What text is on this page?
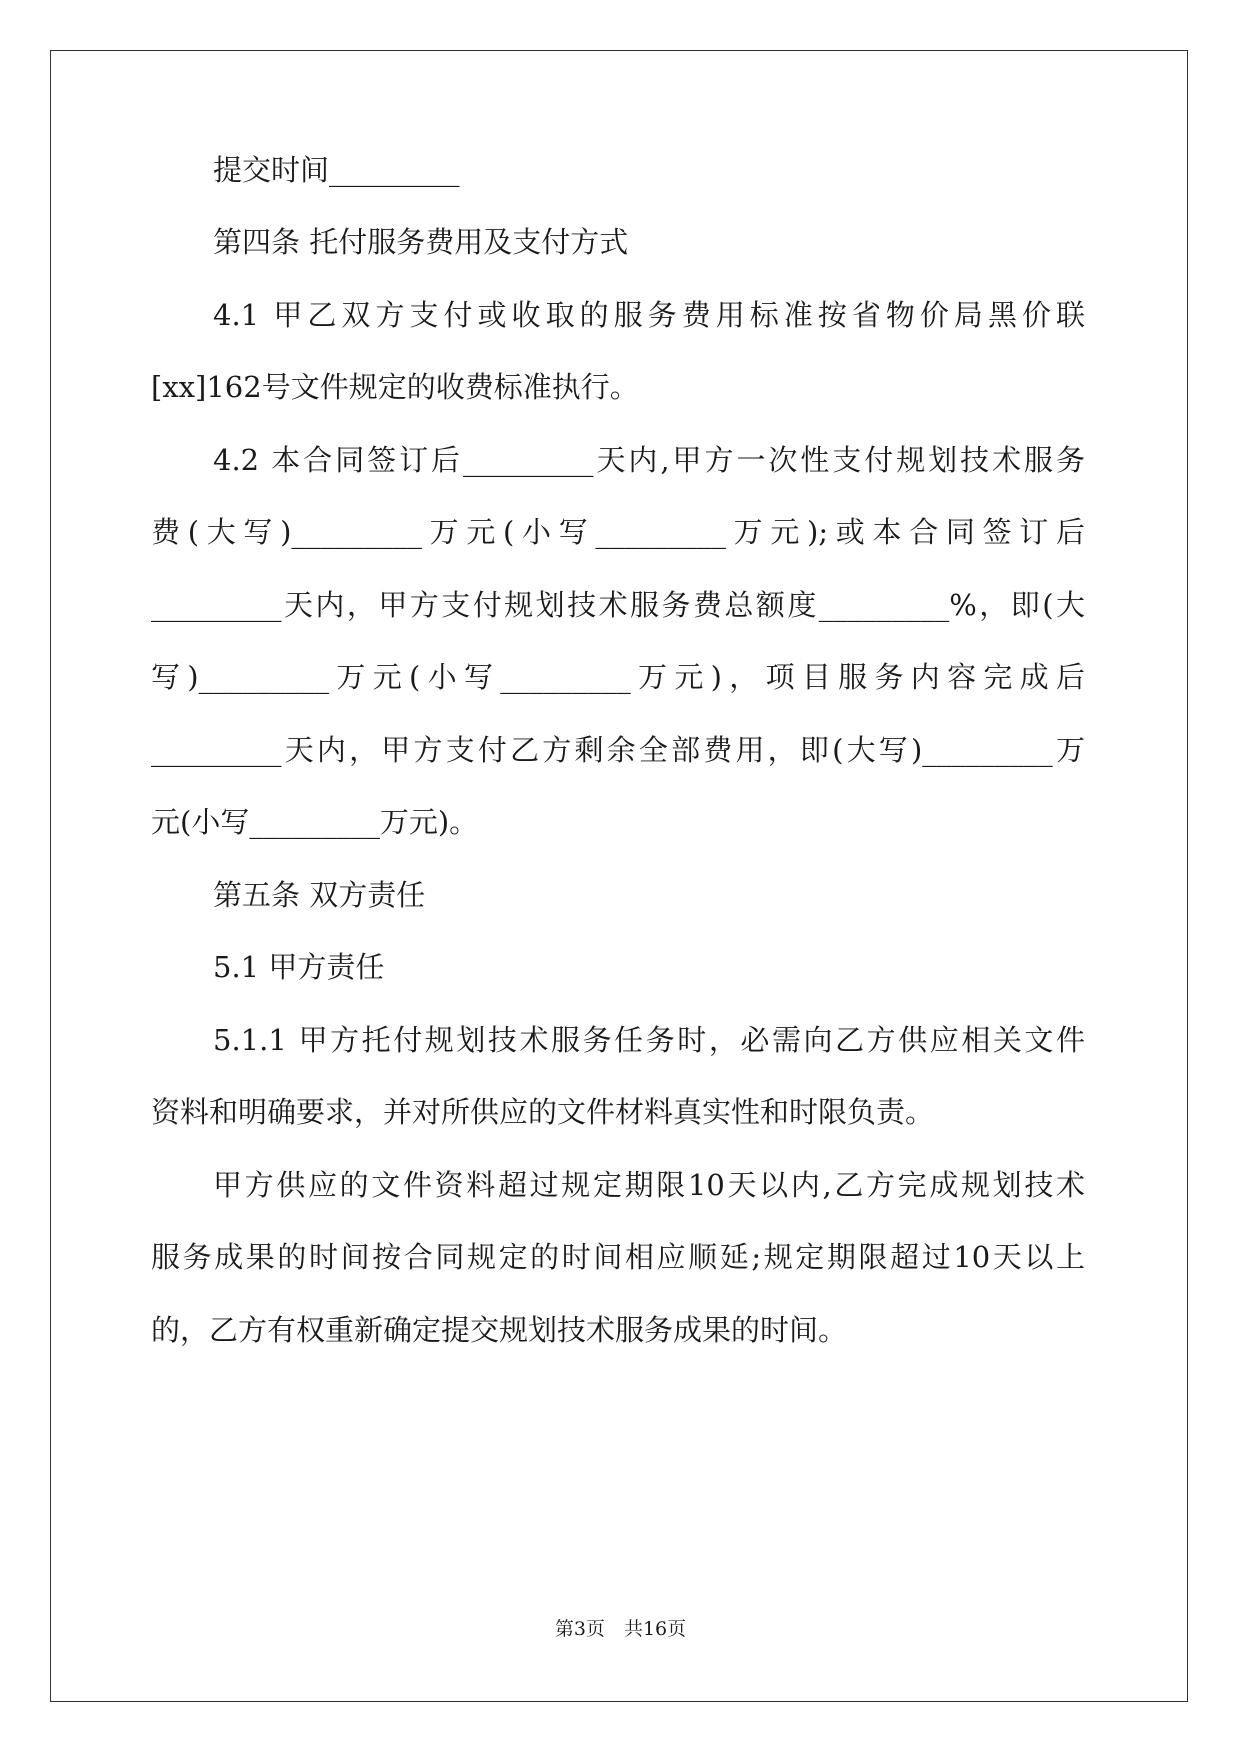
提交时间_________
第四条 托付服务费用及支付方式
4.1 甲乙双方支付或收取的服务费用标准按省物价局黑价联
[xx]162号文件规定的收费标准执行。
4.2 本合同签订后_________天内,甲方一次性支付规划技术服务
费(大写)_________万元(小写_________万元);或本合同签订后
_________天内，甲方支付规划技术服务费总额度_________%，即(大
写)_________万元(小写_________万元)，项目服务内容完成后
_________天内，甲方支付乙方剩余全部费用，即(大写)_________万
元(小写_________万元)。
第五条 双方责任
5.1 甲方责任
5.1.1 甲方托付规划技术服务任务时，必需向乙方供应相关文件
资料和明确要求，并对所供应的文件材料真实性和时限负责。
甲方供应的文件资料超过规定期限10天以内,乙方完成规划技术
服务成果的时间按合同规定的时间相应顺延;规定期限超过10天以上
的，乙方有权重新确定提交规划技术服务成果的时间。
第3页　共16页
